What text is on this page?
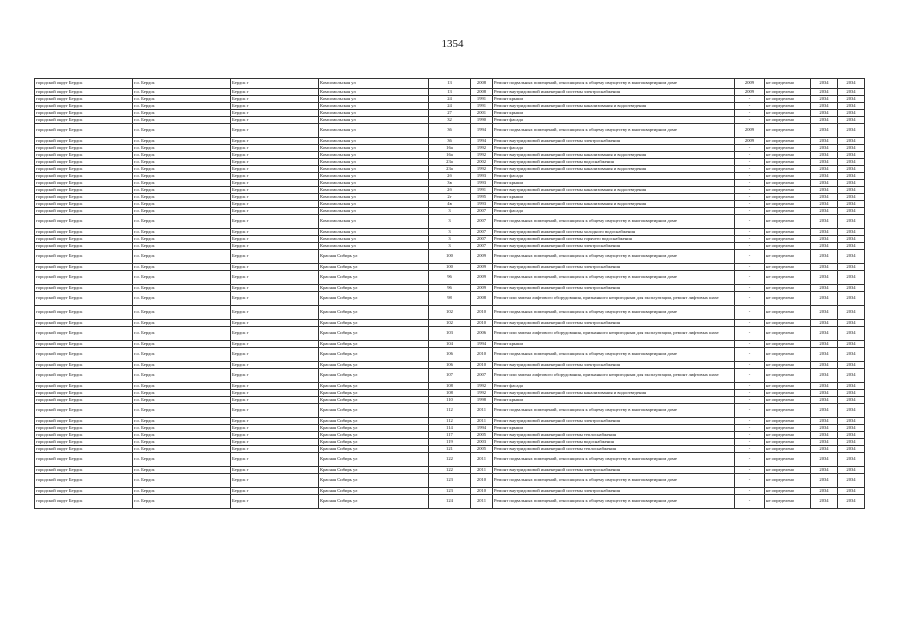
1354
городской округ Бердск	г.о. Бердск	Бердск г	Комсомольская ул	13	2008	Ремонт подвальных помещений, относящихся к общему имуществу в многоквартирном доме	2009	не определено	2034	2034
городской округ Бердск	г.о. Бердск	Бердск г	Комсомольская ул	13	2008	Ремонт внутридомовой инженерной системы электроснабжения	2009	не определено	2034	2034
городской округ Бердск	г.о. Бердск	Бердск г	Комсомольская ул	24	1991	Ремонт крыши	-	не определено	2034	2034
городской округ Бердск	г.о. Бердск	Бердск г	Комсомольская ул	24	1991	Ремонт внутридомовой инженерной системы канализования и водоотведения	-	не определено	2034	2034
городской округ Бердск	г.о. Бердск	Бердск г	Комсомольская ул	27	2001	Ремонт крыши	-	не определено	2034	2034
городской округ Бердск	г.о. Бердск	Бердск г	Комсомольская ул	32	1990	Ремонт фасада	-	не определено	2034	2034
городской округ Бердск	г.о. Бердск	Бердск г	Комсомольская ул	36	1994	Ремонт подвальных помещений, относящихся к общему имуществу в многоквартирном доме	2009	не определено	2034	2034
городской округ Бердск	г.о. Бердск	Бердск г	Комсомольская ул	36	1994	Ремонт внутридомовой инженерной системы электроснабжения	2009	не определено	2034	2034
городской округ Бердск	г.о. Бердск	Бердск г	Комсомольская ул	16а	1992	Ремонт фасада	-	не определено	2034	2034
городской округ Бердск	г.о. Бердск	Бердск г	Комсомольская ул	16а	1992	Ремонт внутридомовой инженерной системы канализования и водоотведения	-	не определено	2034	2034
городской округ Бердск	г.о. Бердск	Бердск г	Комсомольская ул	23а	2002	Ремонт внутридомовой инженерной системы водоснабжения	-	не определено	2034	2034
городской округ Бердск	г.о. Бердск	Бердск г	Комсомольская ул	23а	1992	Ремонт внутридомовой инженерной системы канализования и водоотведения	-	не определено	2034	2034
городской округ Бердск	г.о. Бердск	Бердск г	Комсомольская ул	2б	1993	Ремонт фасада	-	не определено	2034	2034
городской округ Бердск	г.о. Бердск	Бердск г	Комсомольская ул	3в	1993	Ремонт крыши	-	не определено	2034	2034
городской округ Бердск	г.о. Бердск	Бердск г	Комсомольская ул	2б	1991	Ремонт внутридомовой инженерной системы канализования и водоотведения	-	не определено	2034	2034
городской округ Бердск	г.о. Бердск	Бердск г	Комсомольская ул	2г	1995	Ремонт крыши	-	не определено	2034	2034
городской округ Бердск	г.о. Бердск	Бердск г	Комсомольская ул	4в	1993	Ремонт внутридомовой инженерной системы канализования и водоотведения	-	не определено	2034	2034
городской округ Бердск	г.о. Бердск	Бердск г	Комсомольская ул	3	2007	Ремонт фасада	-	не определено	2034	2034
городской округ Бердск	г.о. Бердск	Бердск г	Комсомольская ул	3	2007	Ремонт подвальных помещений, относящихся к общему имуществу в многоквартирном доме	-	не определено	2034	2034
городской округ Бердск	г.о. Бердск	Бердск г	Комсомольская ул	3	2007	Ремонт внутридомовой инженерной системы холодного водоснабжения	-	не определено	2034	2034
городской округ Бердск	г.о. Бердск	Бердск г	Комсомольская ул	3	2007	Ремонт внутридомовой инженерной системы горячего водоснабжения	-	не определено	2034	2034
городской округ Бердск	г.о. Бердск	Бердск г	Комсомольская ул	3	2007	Ремонт внутридомовой инженерной системы электроснабжения	-	не определено	2034	2034
городской округ Бердск	г.о. Бердск	Бердск г	Красная Сибирь ул	100	2009	Ремонт подвальных помещений, относящихся к общему имуществу в многоквартирном доме	-	не определено	2034	2034
городской округ Бердск	г.о. Бердск	Бердск г	Красная Сибирь ул	100	2009	Ремонт внутридомовой инженерной системы электроснабжения	-	не определено	2034	2034
городской округ Бердск	г.о. Бердск	Бердск г	Красная Сибирь ул	96	2009	Ремонт подвальных помещений, относящихся к общему имуществу в многоквартирном доме	-	не определено	2034	2034
городской округ Бердск	г.о. Бердск	Бердск г	Красная Сибирь ул	96	2009	Ремонт внутридомовой инженерной системы электроснабжения	-	не определено	2034	2034
городской округ Бердск	г.о. Бердск	Бердск г	Красная Сибирь ул	98	2008	Ремонт или замена лифтового оборудования, признанного непригодным для эксплуатации, ремонт лифтовых шахт	-	не определено	2034	2034
городской округ Бердск	г.о. Бердск	Бердск г	Красная Сибирь ул	102	2010	Ремонт подвальных помещений, относящихся к общему имуществу в многоквартирном доме	-	не определено	2034	2034
городской округ Бердск	г.о. Бердск	Бердск г	Красная Сибирь ул	102	2010	Ремонт внутридомовой инженерной системы электроснабжения	-	не определено	2034	2034
городской округ Бердск	г.о. Бердск	Бердск г	Красная Сибирь ул	103	2006	Ремонт или замена лифтового оборудования, признанного непригодным для эксплуатации, ремонт лифтовых шахт	-	не определено	2034	2034
городской округ Бердск	г.о. Бердск	Бердск г	Красная Сибирь ул	104	1994	Ремонт крыши	-	не определено	2034	2034
городской округ Бердск	г.о. Бердск	Бердск г	Красная Сибирь ул	106	2010	Ремонт подвальных помещений, относящихся к общему имуществу в многоквартирном доме	-	не определено	2034	2034
городской округ Бердск	г.о. Бердск	Бердск г	Красная Сибирь ул	106	2010	Ремонт внутридомовой инженерной системы электроснабжения	-	не определено	2034	2034
городской округ Бердск	г.о. Бердск	Бердск г	Красная Сибирь ул	107	2007	Ремонт или замена лифтового оборудования, признанного непригодным для эксплуатации, ремонт лифтовых шахт	-	не определено	2034	2034
городской округ Бердск	г.о. Бердск	Бердск г	Красная Сибирь ул	108	1992	Ремонт фасада	-	не определено	2034	2034
городской округ Бердск	г.о. Бердск	Бердск г	Красная Сибирь ул	108	1992	Ремонт внутридомовой инженерной системы канализования и водоотведения	-	не определено	2034	2034
городской округ Бердск	г.о. Бердск	Бердск г	Красная Сибирь ул	110	1998	Ремонт крыши	-	не определено	2034	2034
городской округ Бердск	г.о. Бердск	Бердск г	Красная Сибирь ул	112	2011	Ремонт подвальных помещений, относящихся к общему имуществу в многоквартирном доме	-	не определено	2034	2034
городской округ Бердск	г.о. Бердск	Бердск г	Красная Сибирь ул	112	2011	Ремонт внутридомовой инженерной системы электроснабжения	-	не определено	2034	2034
городской округ Бердск	г.о. Бердск	Бердск г	Красная Сибирь ул	114	1994	Ремонт крыши	-	не определено	2034	2034
городской округ Бердск	г.о. Бердск	Бердск г	Красная Сибирь ул	117	2005	Ремонт внутридомовой инженерной системы теплоснабжения	-	не определено	2034	2034
городской округ Бердск	г.о. Бердск	Бердск г	Красная Сибирь ул	119	2003	Ремонт внутридомовой инженерной системы водоснабжения	-	не определено	2034	2034
городской округ Бердск	г.о. Бердск	Бердск г	Красная Сибирь ул	121	2005	Ремонт внутридомовой инженерной системы теплоснабжения	-	не определено	2034	2034
городской округ Бердск	г.о. Бердск	Бердск г	Красная Сибирь ул	122	2011	Ремонт подвальных помещений, относящихся к общему имуществу в многоквартирном доме	-	не определено	2034	2034
городской округ Бердск	г.о. Бердск	Бердск г	Красная Сибирь ул	122	2011	Ремонт внутридомовой инженерной системы электроснабжения	-	не определено	2034	2034
городской округ Бердск	г.о. Бердск	Бердск г	Красная Сибирь ул	123	2010	Ремонт подвальных помещений, относящихся к общему имуществу в многоквартирном доме	-	не определено	2034	2034
городской округ Бердск	г.о. Бердск	Бердск г	Красная Сибирь ул	123	2010	Ремонт внутридомовой инженерной системы электроснабжения	-	не определено	2034	2034
городской округ Бердск	г.о. Бердск	Бердск г	Красная Сибирь ул	124	2011	Ремонт подвальных помещений, относящихся к общему имуществу в многоквартирном доме	-	не определено	2034	2034
